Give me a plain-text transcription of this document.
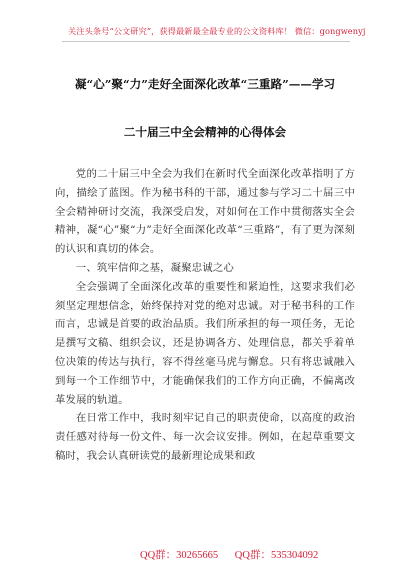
关注头条号“公文研究”，获得最新最全最专业的公文资料库！ 微信：gongwenyj
凝“心”聚“力”走好全面深化改革“三重路”——学习
二十届三中全会精神的心得体会

党的二十届三中全会为我们在新时代全面深化改革指明了方向，描绘了蓝图。作为秘书科的干部，通过参与学习二十届三中全会精神研讨交流，我深受启发，对如何在工作中贯彻落实全会精神，凝“心”聚“力”走好全面深化改革“三重路”，有了更为深刻的认识和真切的体会。

一、筑牢信仰之基，凝聚忠诚之心

全会强调了全面深化改革的重要性和紧迫性，这要求我们必须坚定理想信念，始终保持对党的绝对忠诚。对于秘书科的工作而言，忠诚是首要的政治品质。我们所承担的每一项任务，无论是撰写文稿、组织会议，还是协调各方、处理信息，都关乎着单位决策的传达与执行，容不得丝毫马虎与懈怠。只有将忠诚融入到每一个工作细节中，才能确保我们的工作方向正确，不偏离改革发展的轨道。

在日常工作中，我时刻牢记自己的职责使命，以高度的政治责任感对待每一份文件、每一次会议安排。例如，在起草重要文稿时，我会认真研读党的最新理论成果和政

QQ群：30265665 QQ群：535304092
